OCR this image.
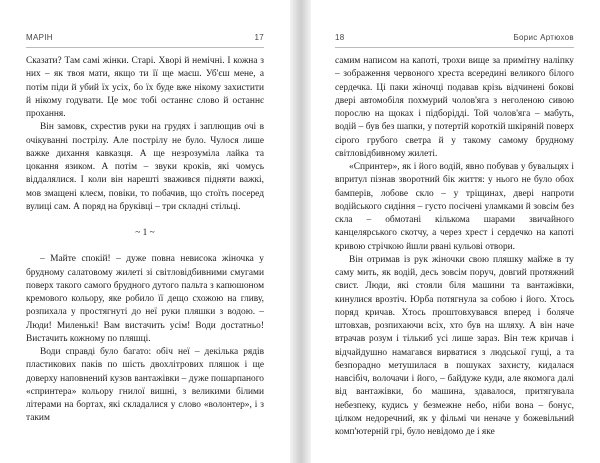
МАРІН	17

Сказати? Там самі жінки. Старі. Хворі й немічні. І кожна з них – як твоя мати, якщо ти її ще маєш. Уб'єш мене, а потім піди й убий їх усіх, бо їх буде вже нікому захистити й нікому годувати. Це моє тобі останнє слово й останнє прохання.

Він замовк, схрестив руки на грудях і заплющив очі в очікуванні пострілу. Але пострілу не було. Чулося лише важке дихання кавказця. А ще незрозуміла лайка та цокання язиком. А потім – звуки кроків, які чомусь віддалялися. І коли він нарешті зважився підняти важкі, мов змащені клеєм, повіки, то побачив, що стоїть посеред вулиці сам. А поряд на бруківці – три складні стільці.

~ 1 ~

– Майте спокій! – дуже повна невисока жіночка у брудному салатовому жилеті зі світловідбивними смугами поверх такого самого брудного дутого пальта з капюшоном кремового кольору, яке робило її дещо схожою на гливу, розпихала у простягнуті до неї руки пляшки з водою. – Люди! Миленькі! Вам вистачить усім! Води достатньо! Вистачить кожному по пляшці.

Води справді було багато: обіч неї – декілька рядів пластикових паків по шість двохлітрових пляшок і ще доверху наповнений кузов вантажівки – дуже пошарпаного «спринтера» кольору гнилої вишні, з великими білими літерами на бортах, які складалися у слово «волонтер», і з таким

18	Борис Артюхов

самим написом на капоті, трохи вище за примітну наліпку – зображення червоного хреста всередині великого білого сердечка. Ці паки жіночці подавав крізь відчинені бокові двері автомобіля похмурий чолов'яга з неголеною сивою порослю на щоках і підборідді. Той чолов'яга – мабуть, водій – був без шапки, у потертій короткій шкіряній поверх сірого грубого светра й у такому самому брудному світловідбивному жилеті.

«Спринтер», як і його водій, явно побував у бувальцях і впритул пізнав зворотний бік життя: у нього не було обох бамперів, лобове скло – у тріщинах, двері напроти водійського сидіння – густо посічені уламками й зовсім без скла – обмотані кількома шарами звичайного канцелярського скотчу, а через хрест і сердечко на капоті кривою стрічкою йшли рвані кульові отвори.

Він отримав із рук жіночки свою пляшку майже в ту саму мить, як водій, десь зовсім поруч, довгий протяжний свист. Люди, які стояли біля машини та вантажівки, кинулися врозтіч. Юрба потягнула за собою і його. Хтось поряд кричав. Хтось проштовхувався вперед і боляче штовхав, розпихаючи всіх, хто був на шляху. А він наче втрачав розум і тількиб усі лише зараз. Він теж кричав і відчайдушно намагався вирватися з людської гущі, а та безпорадно метушилася в пошуках захисту, кидалася навсібіч, волочачи і його, – байдуже куди, але якомога далі від вантажівки, бо машина, здавалося, притягувала небезпеку, кудись у безмежне небо, ніби вона – бонус, цілком недоречний, як у фільмі чи неначе у божевільний комп'ютерній грі, було невідомо де і яке
